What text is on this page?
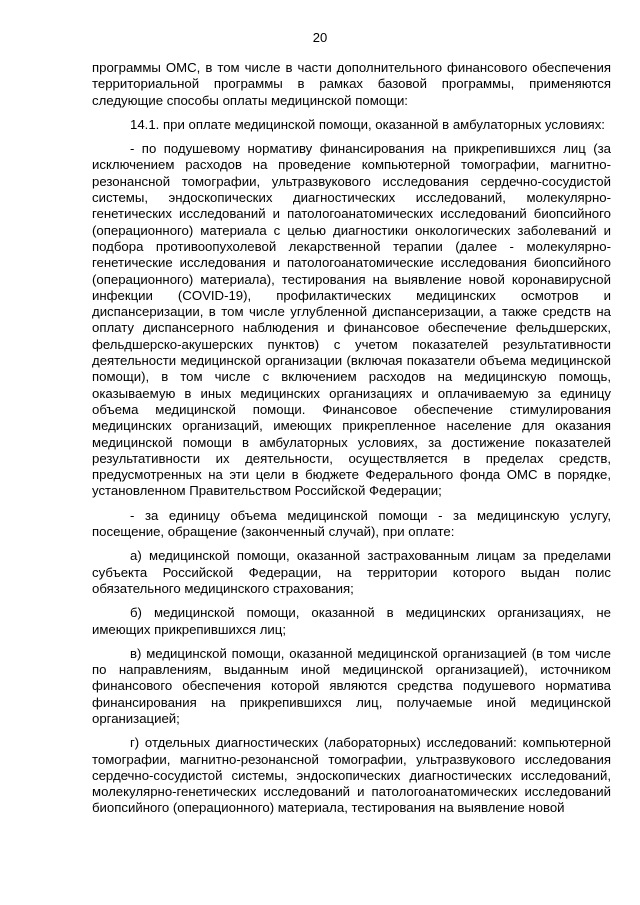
20

программы ОМС, в том числе в части дополнительного финансового обеспечения территориальной программы в рамках базовой программы, применяются следующие способы оплаты медицинской помощи:

14.1. при оплате медицинской помощи, оказанной в амбулаторных условиях:

- по подушевому нормативу финансирования на прикрепившихся лиц (за исключением расходов на проведение компьютерной томографии, магнитно-резонансной томографии, ультразвукового исследования сердечно-сосудистой системы, эндоскопических диагностических исследований, молекулярно-генетических исследований и патологоанатомических исследований биопсийного (операционного) материала с целью диагностики онкологических заболеваний и подбора противоопухолевой лекарственной терапии (далее - молекулярно-генетические исследования и патологоанатомические исследования биопсийного (операционного) материала), тестирования на выявление новой коронавирусной инфекции (COVID-19), профилактических медицинских осмотров и диспансеризации, в том числе углубленной диспансеризации, а также средств на оплату диспансерного наблюдения и финансовое обеспечение фельдшерских, фельдшерско-акушерских пунктов) с учетом показателей результативности деятельности медицинской организации (включая показатели объема медицинской помощи), в том числе с включением расходов на медицинскую помощь, оказываемую в иных медицинских организациях и оплачиваемую за единицу объема медицинской помощи. Финансовое обеспечение стимулирования медицинских организаций, имеющих прикрепленное население для оказания медицинской помощи в амбулаторных условиях, за достижение показателей результативности их деятельности, осуществляется в пределах средств, предусмотренных на эти цели в бюджете Федерального фонда ОМС в порядке, установленном Правительством Российской Федерации;

- за единицу объема медицинской помощи - за медицинскую услугу, посещение, обращение (законченный случай), при оплате:

а) медицинской помощи, оказанной застрахованным лицам за пределами субъекта Российской Федерации, на территории которого выдан полис обязательного медицинского страхования;

б) медицинской помощи, оказанной в медицинских организациях, не имеющих прикрепившихся лиц;

в) медицинской помощи, оказанной медицинской организацией (в том числе по направлениям, выданным иной медицинской организацией), источником финансового обеспечения которой являются средства подушевого норматива финансирования на прикрепившихся лиц, получаемые иной медицинской организацией;

г) отдельных диагностических (лабораторных) исследований: компьютерной томографии, магнитно-резонансной томографии, ультразвукового исследования сердечно-сосудистой системы, эндоскопических диагностических исследований, молекулярно-генетических исследований и патологоанатомических исследований биопсийного (операционного) материала, тестирования на выявление новой
